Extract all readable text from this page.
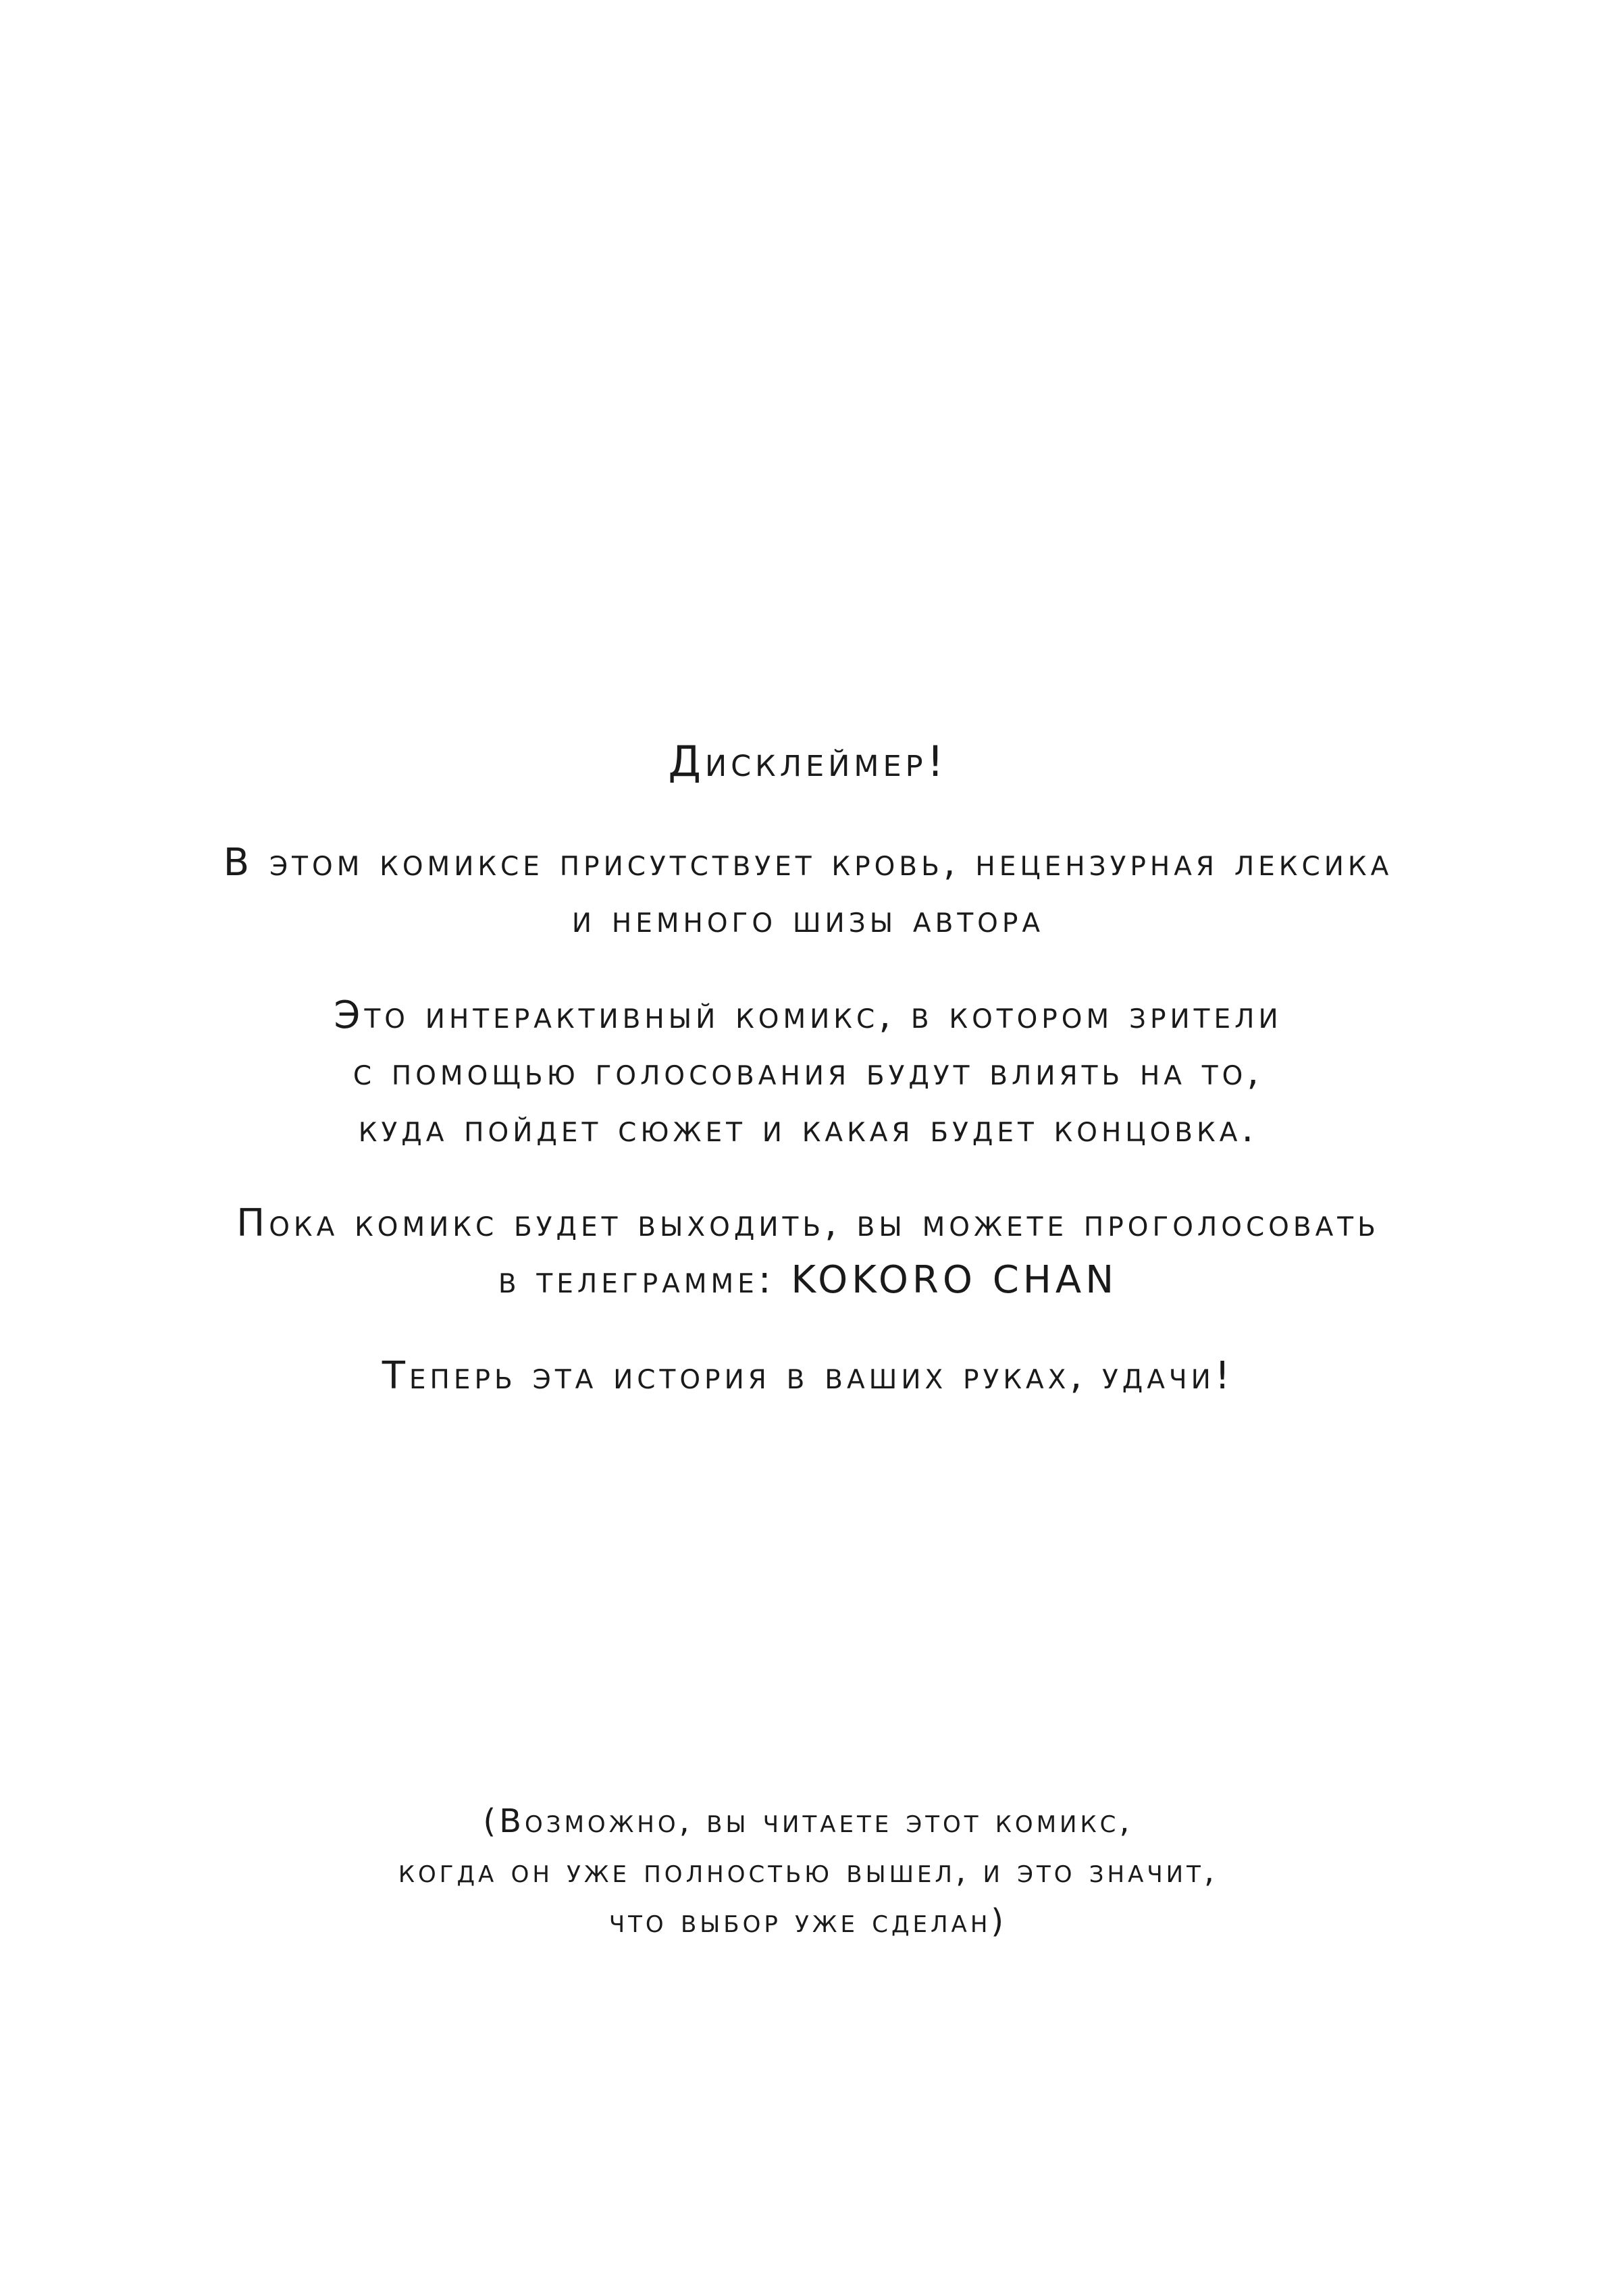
Дисклеймер!
В этом комиксе присутствует кровь, нецензурная лексика
и немного шизы автора
Это интерактивный комикс, в котором зрители
с помощью голосования будут влиять на то,
куда пойдет сюжет и какая будет концовка.
Пока комикс будет выходить, вы можете проголосовать
в телеграмме: KOKORO CHAN
Теперь эта история в ваших руках, удачи!
(Возможно, вы читаете этот комикс,
когда он уже полностью вышел, и это значит,
что выбор уже сделан)
